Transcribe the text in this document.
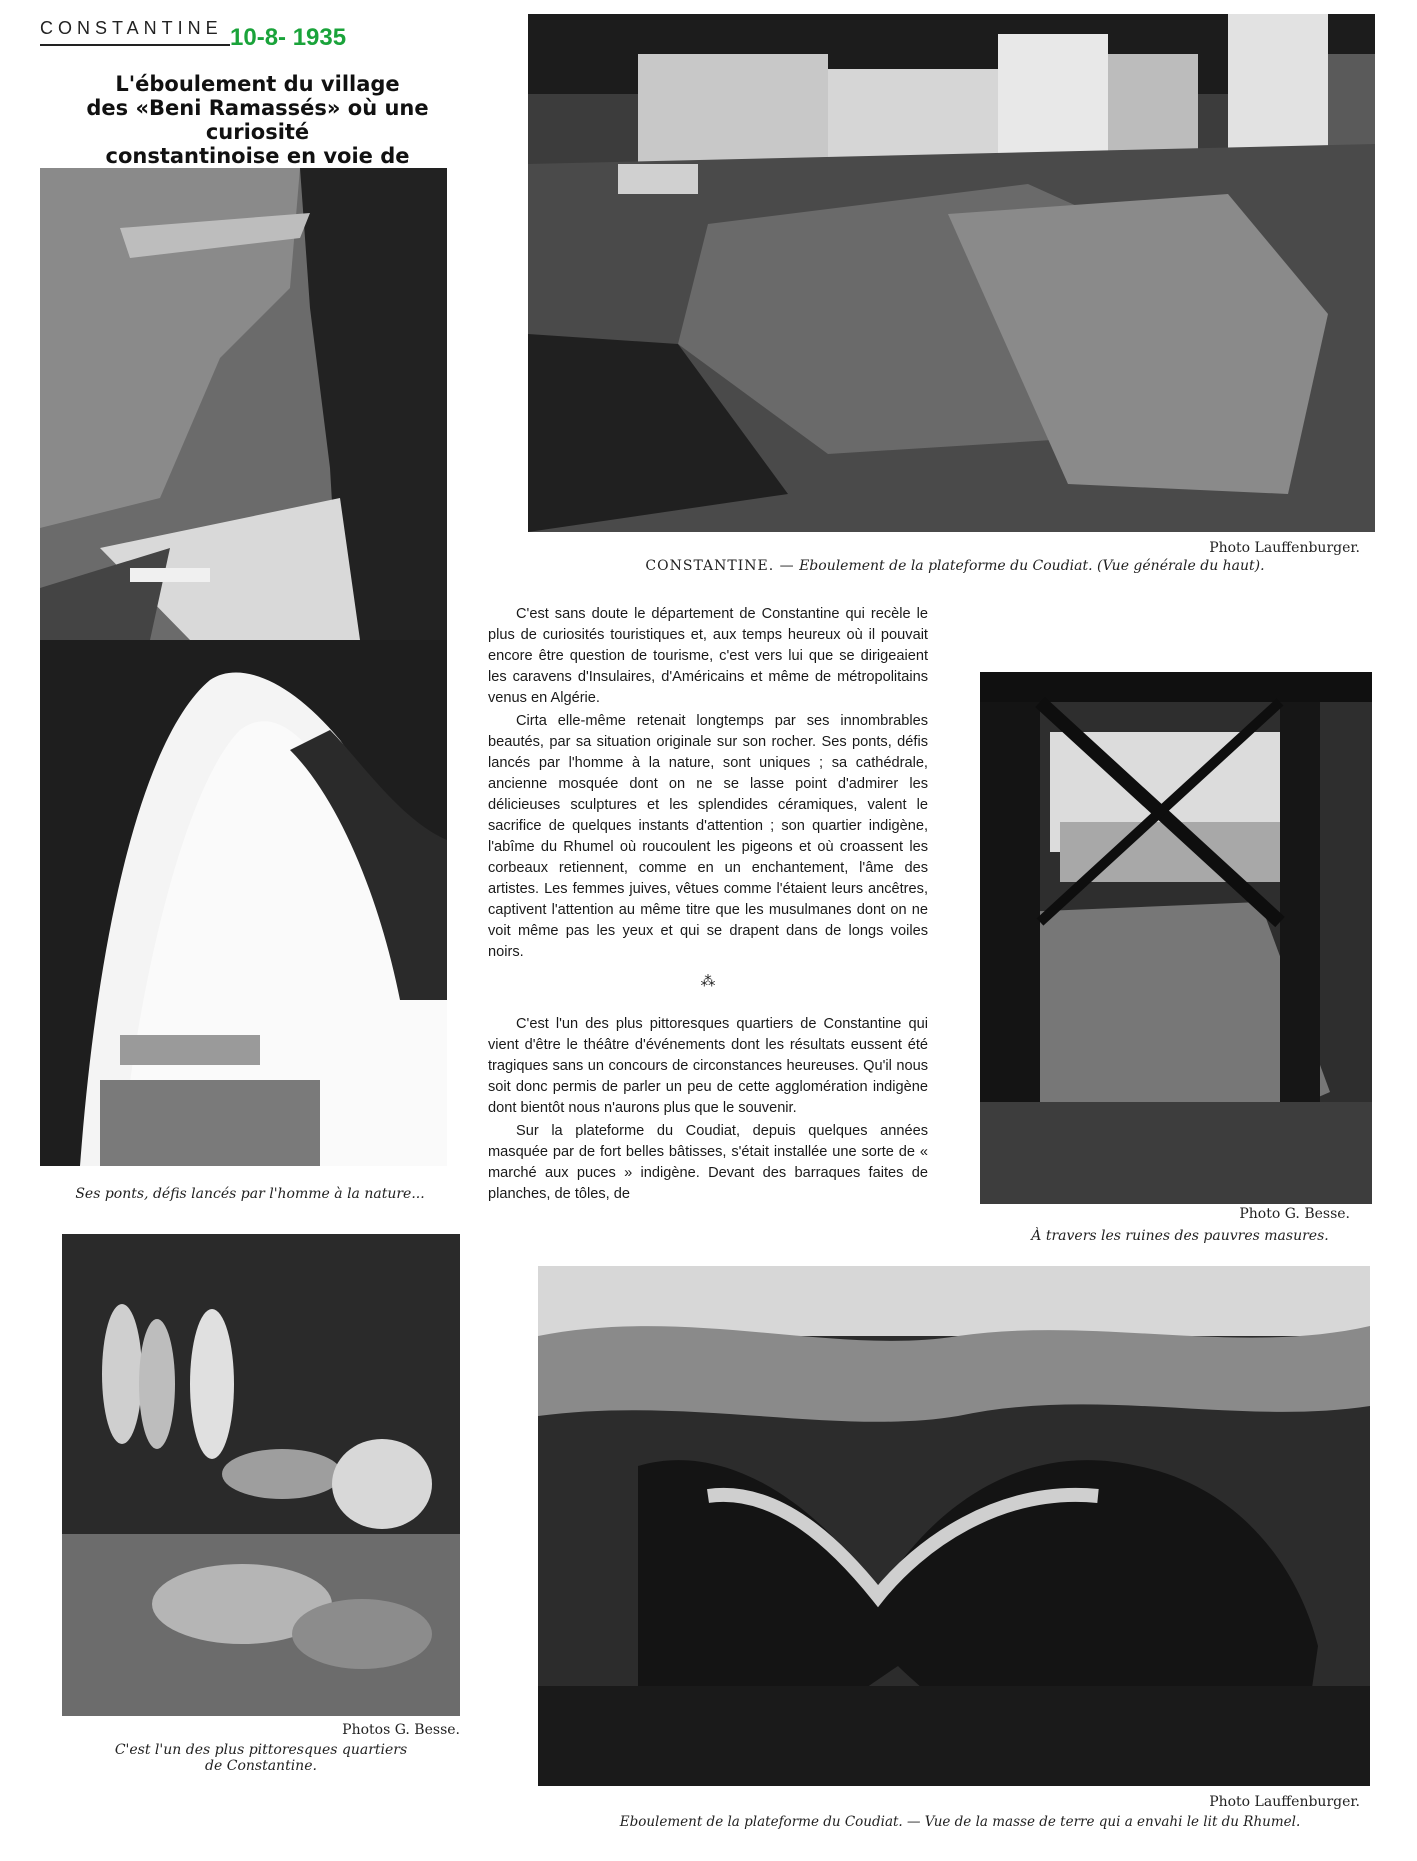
CONSTANTINE 10-8- 1935
L'éboulement du village
des «Beni Ramassés» où une curiosité
constantinoise en voie de
Ses ponts, défis lancés par l'homme à la nature...
Photo Lauffenburger.
CONSTANTINE. — Eboulement de la plateforme du Coudiat. (Vue générale du haut).

C'est sans doute le département de Constantine qui recèle le plus de curiosités touristiques et, aux temps heureux où il pouvait encore être question de tourisme, c'est vers lui que se dirigeaient les caravens d'Insulaires, d'Américains et même de métropolitains venus en Algérie.

Cirta elle-même retenait longtemps par ses innombrables beautés, par sa situation originale sur son rocher. Ses ponts, défis lancés par l'homme à la nature, sont uniques ; sa cathédrale, ancienne mosquée dont on ne se lasse point d'admirer les délicieuses sculptures et les splendides céramiques, valent le sacrifice de quelques instants d'attention ; son quartier indigène, l'abîme du Rhumel où roucoulent les pigeons et où croassent les corbeaux retiennent, comme en un enchantement, l'âme des artistes. Les femmes juives, vêtues comme l'étaient leurs ancêtres, captivent l'attention au même titre que les musulmanes dont on ne voit même pas les yeux et qui se drapent dans de longs voiles noirs.

⁂

C'est l'un des plus pittoresques quartiers de Constantine qui vient d'être le théâtre d'événements dont les résultats eussent été tragiques sans un concours de circonstances heureuses. Qu'il nous soit donc permis de parler un peu de cette agglomération indigène dont bientôt nous n'aurons plus que le souvenir.

Sur la plateforme du Coudiat, depuis quelques années masquée par de fort belles bâtisses, s'était installée une sorte de « marché aux puces » indigène. Devant des barraques faites de planches, de tôles, de

Photo G. Besse.
À travers les ruines des pauvres masures.
Photos G. Besse.
C'est l'un des plus pittoresques quartiers
de Constantine.
Photo Lauffenburger.
Eboulement de la plateforme du Coudiat. — Vue de la masse de terre qui a envahi le lit du Rhumel.
